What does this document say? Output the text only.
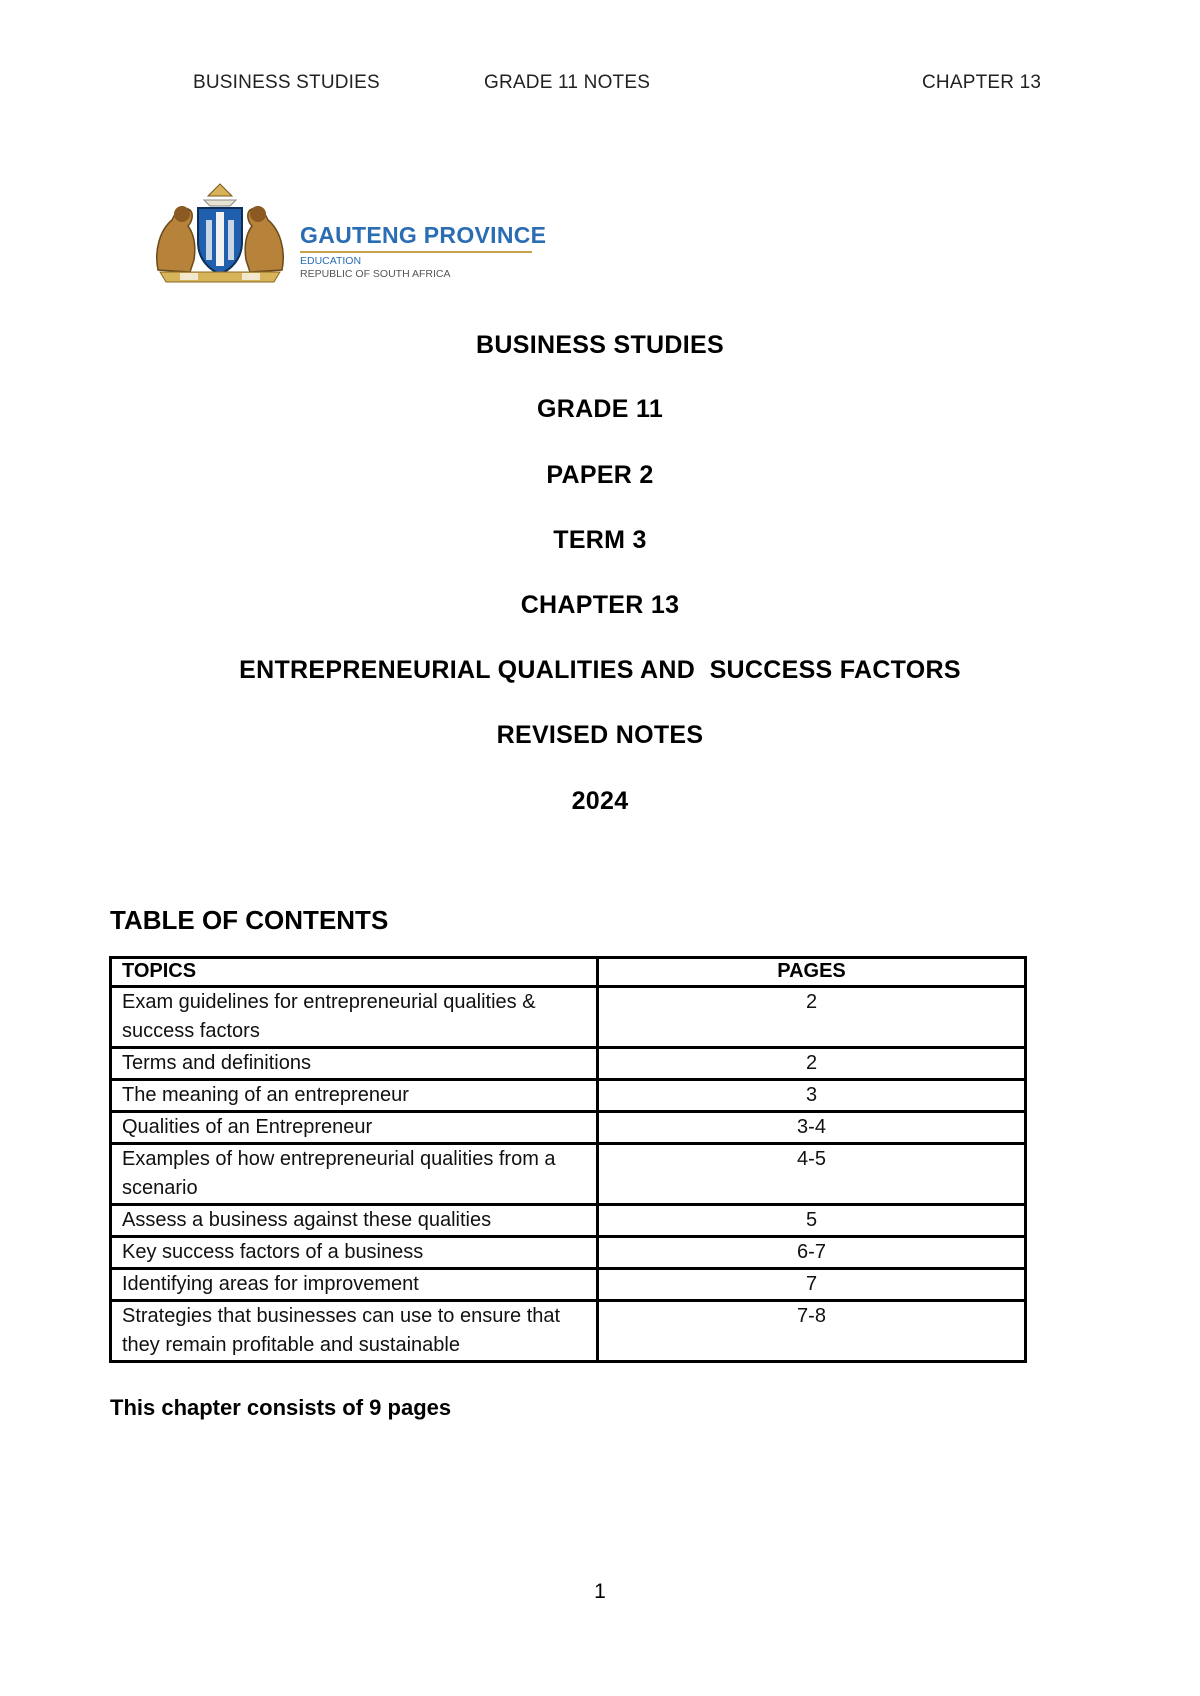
BUSINESS STUDIES	GRADE 11 NOTES	CHAPTER 13
GAUTENG PROVINCE
EDUCATION
REPUBLIC OF SOUTH AFRICA
BUSINESS STUDIES
GRADE 11
PAPER 2
TERM 3
CHAPTER 13
ENTREPRENEURIAL QUALITIES AND  SUCCESS FACTORS
REVISED NOTES
2024
TABLE OF CONTENTS
TOPICS	PAGES
Exam guidelines for entrepreneurial qualities & success factors	2
Terms and definitions	2
The meaning of an entrepreneur	3
Qualities of an Entrepreneur	3-4
Examples of how entrepreneurial qualities from a scenario	4-5
Assess a business against these qualities	5
Key success factors of a business	6-7
Identifying areas for improvement	7
Strategies that businesses can use to ensure that they remain profitable and sustainable	7-8
This chapter consists of 9 pages
1
